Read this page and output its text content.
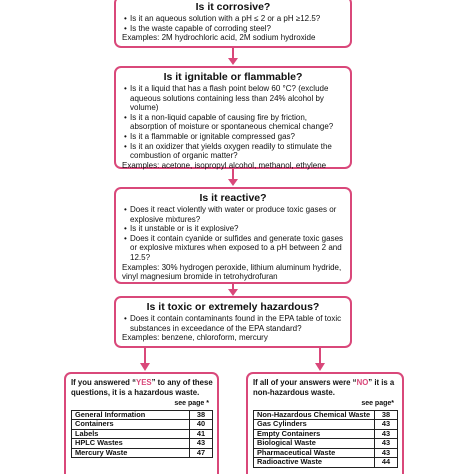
Is it corrosive?
• Is it an aqueous solution with a pH ≤ 2 or a pH ≥12.5?
• Is the waste capable of corroding steel?
Examples: 2M hydrochloric acid, 2M sodium hydroxide
Is it ignitable or flammable?
• Is it a liquid that has a flash point below 60 °C? (exclude aqueous solutions containing less than 24% alcohol by volume)
• Is it a non-liquid capable of causing fire by friction, absorption of moisture or spontaneous chemical change?
• Is it a flammable or ignitable compressed gas?
• Is it an oxidizer that yields oxygen readily to stimulate the combustion of organic matter?
Examples: acetone, isopropyl alcohol, methanol, ethylene
Is it reactive?
• Does it react violently with water or produce toxic gases or explosive mixtures?
• Is it unstable or is it explosive?
• Does it contain cyanide or sulfides and generate toxic gases or explosive mixtures when exposed to a pH between 2 and 12.5?
Examples: 30% hydrogen peroxide, lithium aluminum hydride, vinyl magnesium bromide in tetrohydrofuran
Is it toxic or extremely hazardous?
• Does it contain contaminants found in the EPA table of toxic substances in exceedance of the EPA standard?
Examples: benzene, chloroform, mercury
If you answered “YES” to any of these questions, it is a hazardous waste.
see page *
General Information	38
Containers	40
Labels	41
HPLC Wastes	43
Mercury Waste	47
If all of your answers were “NO” it is a non-hazardous waste.
see page*
Non-Hazardous Chemical Waste	38
Gas Cylinders	43
Empty Containers	43
Biological Waste	43
Pharmaceutical Waste	43
Radioactive Waste	44
